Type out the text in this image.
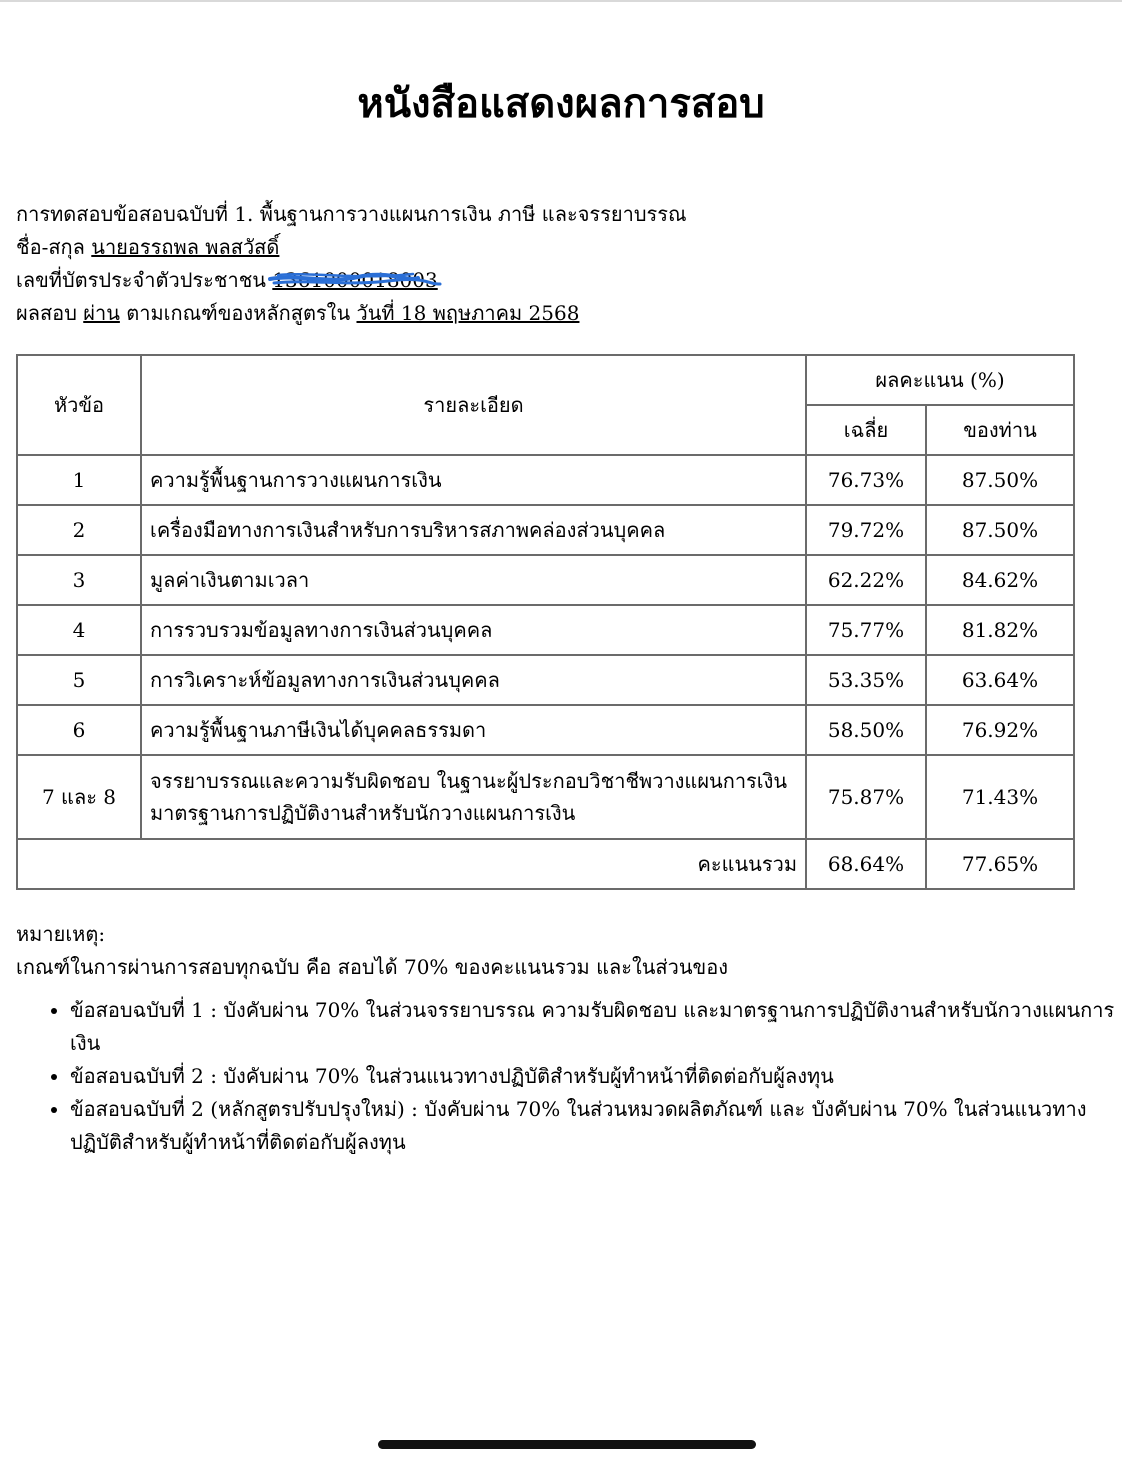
หนังสือแสดงผลการสอบ
การทดสอบข้อสอบฉบับที่ 1. พื้นฐานการวางแผนการเงิน ภาษี และจรรยาบรรณ
ชื่อ-สกุล นายอรรถพล พลสวัสดิ์
เลขที่บัตรประจำตัวประชาชน 1361000018003
ผลสอบ ผ่าน ตามเกณฑ์ของหลักสูตรใน วันที่ 18 พฤษภาคม 2568
หัวข้อ	รายละเอียด	ผลคะแนน (%)	
		เฉลี่ย	ของท่าน
1	ความรู้พื้นฐานการวางแผนการเงิน	76.73%	87.50%
2	เครื่องมือทางการเงินสำหรับการบริหารสภาพคล่องส่วนบุคคล	79.72%	87.50%
3	มูลค่าเงินตามเวลา	62.22%	84.62%
4	การรวบรวมข้อมูลทางการเงินส่วนบุคคล	75.77%	81.82%
5	การวิเคราะห์ข้อมูลทางการเงินส่วนบุคคล	53.35%	63.64%
6	ความรู้พื้นฐานภาษีเงินได้บุคคลธรรมดา	58.50%	76.92%
7 และ 8	จรรยาบรรณและความรับผิดชอบ ในฐานะผู้ประกอบวิชาชีพวางแผนการเงิน
มาตรฐานการปฏิบัติงานสำหรับนักวางแผนการเงิน	75.87%	71.43%
คะแนนรวม		68.64%	77.65%
หมายเหตุ:
เกณฑ์ในการผ่านการสอบทุกฉบับ คือ สอบได้ 70% ของคะแนนรวม และในส่วนของ
• ข้อสอบฉบับที่ 1 : บังคับผ่าน 70% ในส่วนจรรยาบรรณ ความรับผิดชอบ และมาตรฐานการปฏิบัติงานสำหรับนักวางแผนการเงิน
• ข้อสอบฉบับที่ 2 : บังคับผ่าน 70% ในส่วนแนวทางปฏิบัติสำหรับผู้ทำหน้าที่ติดต่อกับผู้ลงทุน
• ข้อสอบฉบับที่ 2 (หลักสูตรปรับปรุงใหม่) : บังคับผ่าน 70% ในส่วนหมวดผลิตภัณฑ์ และ บังคับผ่าน 70% ในส่วนแนวทางปฏิบัติสำหรับผู้ทำหน้าที่ติดต่อกับผู้ลงทุน
